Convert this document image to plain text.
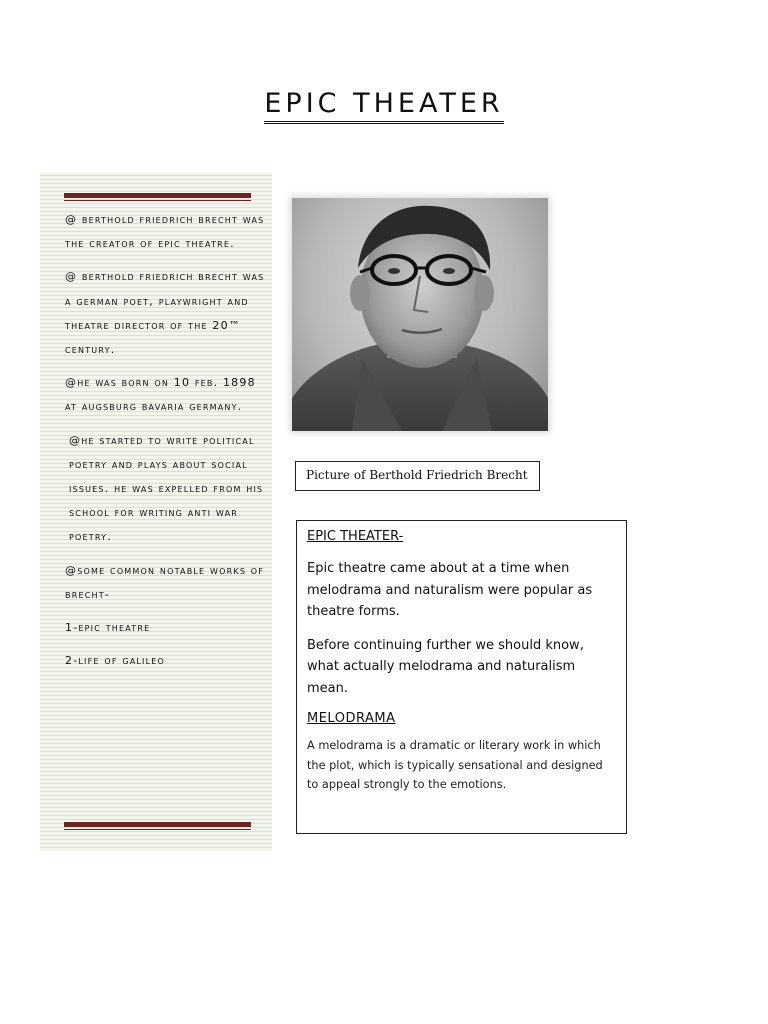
EPIC THEATER

@ berthold friedrich brecht was the creator of epic theatre.

@ berthold friedrich brecht was a german poet, playwright and theatre director of the 20™ century.

@he was born on 10 feb. 1898 at augsburg bavaria germany.

@he started to write political poetry and plays about social issues. he was expelled from his school for writing anti war poetry.

@some common notable works of brecht-

1-epic theatre

2-life of galileo

Picture of Berthold Friedrich Brecht
EPIC THEATER-

Epic theatre came about at a time when melodrama and naturalism were popular as theatre forms.

Before continuing further we should know, what actually melodrama and naturalism mean.

MELODRAMA

A melodrama is a dramatic or literary work in which the plot, which is typically sensational and designed to appeal strongly to the emotions.
